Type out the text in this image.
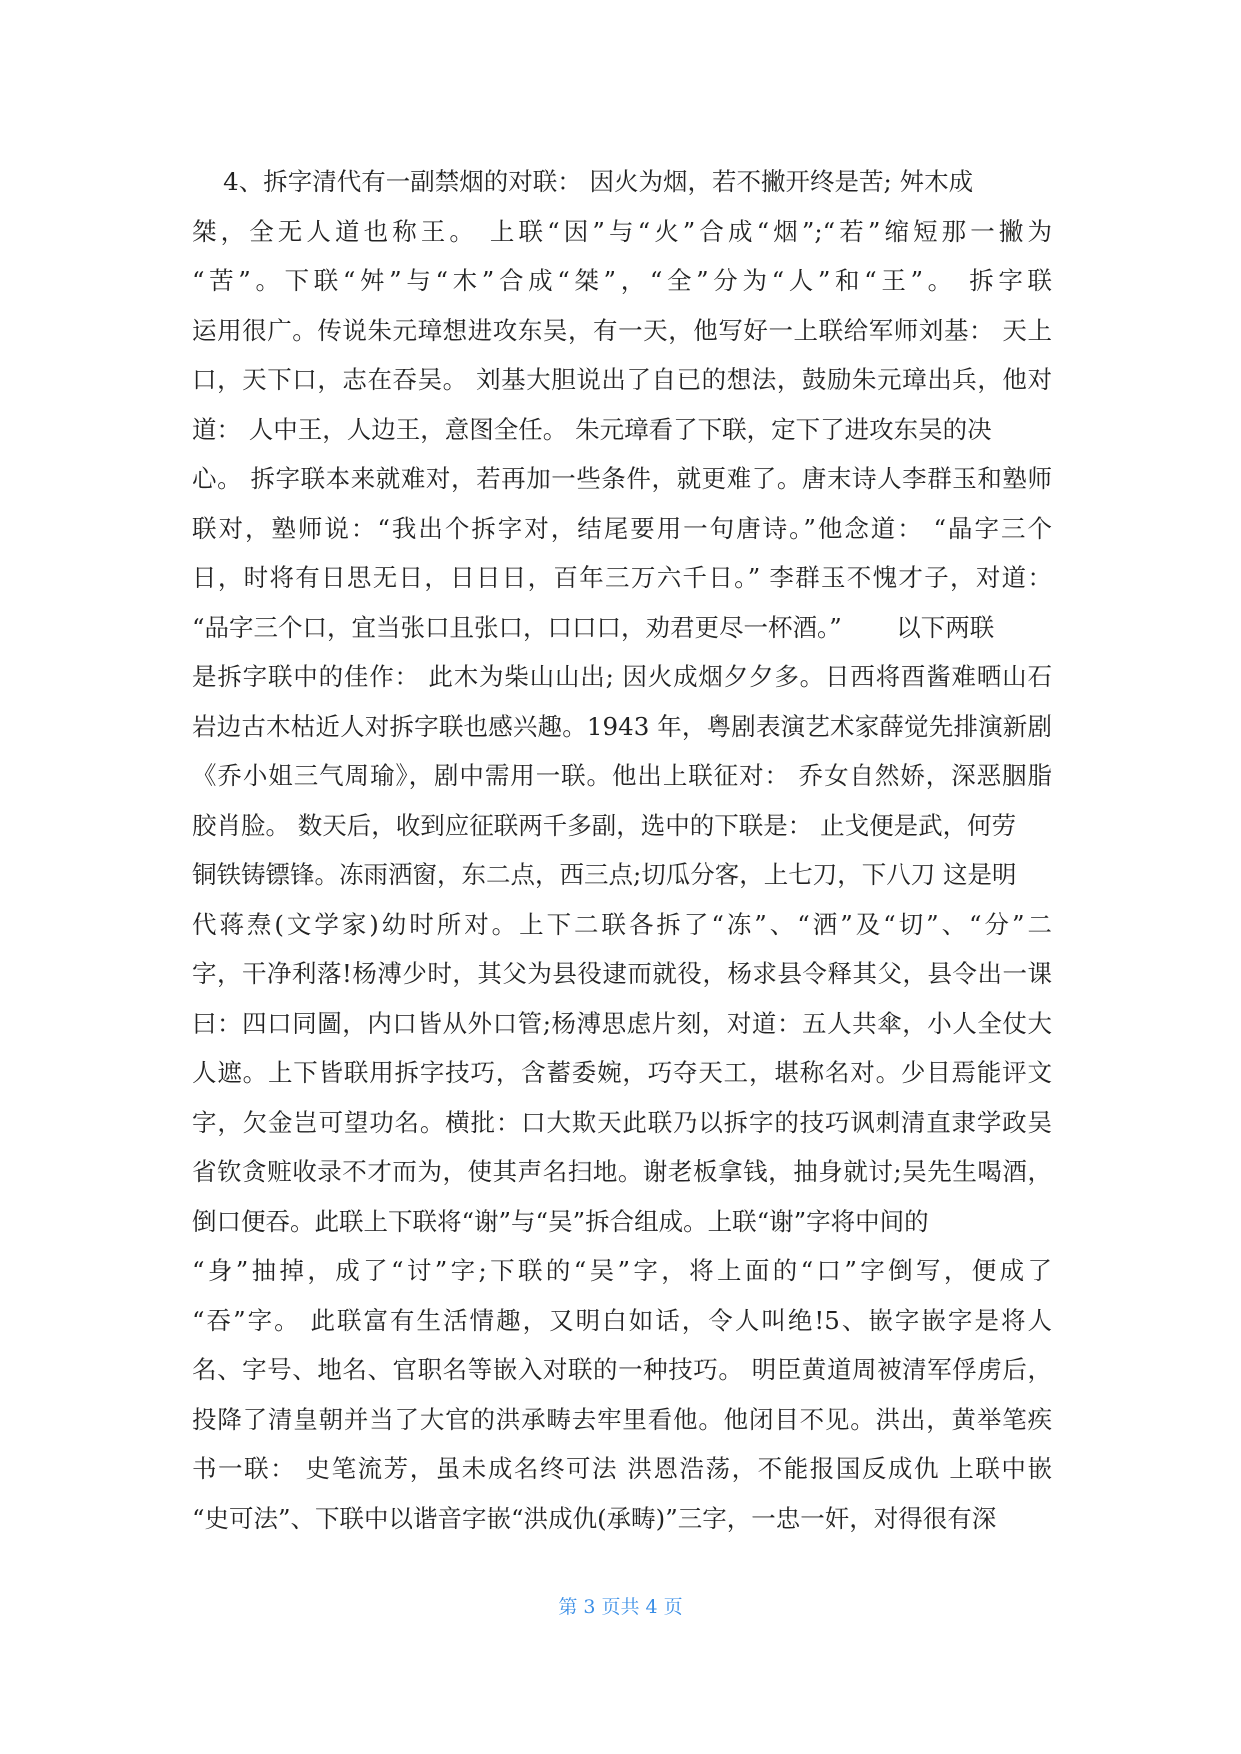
4、拆字清代有一副禁烟的对联： 因火为烟，若不撇开终是苦; 舛木成
桀，全无人道也称王。 上联“因”与“火”合成“烟”;“若”缩短那一撇为
“苦”。下联“舛”与“木”合成“桀”，“全”分为“人”和“王”。 拆字联
运用很广。传说朱元璋想进攻东吴，有一天，他写好一上联给军师刘基： 天上
口，天下口，志在吞吴。 刘基大胆说出了自已的想法，鼓励朱元璋出兵，他对
道： 人中王，人边王，意图全任。 朱元璋看了下联，定下了进攻东吴的决
心。 拆字联本来就难对，若再加一些条件，就更难了。唐末诗人李群玉和塾师
联对，塾师说：“我出个拆字对，结尾要用一句唐诗。”他念道： “晶字三个
日，时将有日思无日，日日日，百年三万六千日。” 李群玉不愧才子，对道：
“品字三个口，宜当张口且张口，口口口，劝君更尽一杯酒。”       以下两联
是拆字联中的佳作： 此木为柴山山出; 因火成烟夕夕多。日西将酉酱难晒山石
岩边古木枯近人对拆字联也感兴趣。1943 年，粤剧表演艺术家薛觉先排演新剧
《乔小姐三气周瑜》，剧中需用一联。他出上联征对： 乔女自然娇，深恶胭脂
胶肖脸。 数天后，收到应征联两千多副，选中的下联是： 止戈便是武，何劳
铜铁铸镖锋。冻雨洒窗，东二点，西三点;切瓜分客，上七刀，下八刀 这是明
代蒋焘(文学家)幼时所对。上下二联各拆了“冻”、“洒”及“切”、“分”二
字，干净利落!杨溥少时，其父为县役逮而就役，杨求县令释其父，县令出一课
曰：四口同圖，内口皆从外口管;杨溥思虑片刻，对道：五人共傘，小人全仗大
人遮。上下皆联用拆字技巧，含蓄委婉，巧夺天工，堪称名对。少目焉能评文
字，欠金岂可望功名。横批：口大欺天此联乃以拆字的技巧讽刺清直隶学政吴
省钦贪赃收录不才而为，使其声名扫地。谢老板拿钱，抽身就讨;吴先生喝酒，
倒口便吞。此联上下联将“谢”与“吴”拆合组成。上联“谢”字将中间的
“身”抽掉，成了“讨”字;下联的“吴”字，将上面的“口”字倒写，便成了
“吞”字。 此联富有生活情趣，又明白如话，令人叫绝!5、嵌字嵌字是将人
名、字号、地名、官职名等嵌入对联的一种技巧。 明臣黄道周被清军俘虏后，
投降了清皇朝并当了大官的洪承畴去牢里看他。他闭目不见。洪出，黄举笔疾
书一联： 史笔流芳，虽未成名终可法 洪恩浩荡，不能报国反成仇 上联中嵌
“史可法”、下联中以谐音字嵌“洪成仇(承畴)”三字，一忠一奸，对得很有深
第 3 页共 4 页
